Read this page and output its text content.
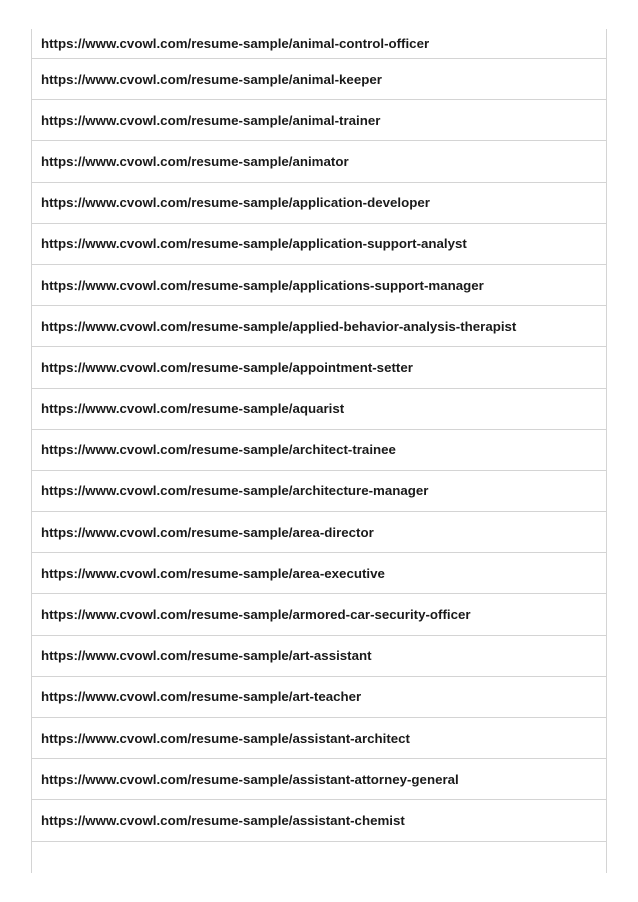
https://www.cvowl.com/resume-sample/animal-control-officer
https://www.cvowl.com/resume-sample/animal-keeper
https://www.cvowl.com/resume-sample/animal-trainer
https://www.cvowl.com/resume-sample/animator
https://www.cvowl.com/resume-sample/application-developer
https://www.cvowl.com/resume-sample/application-support-analyst
https://www.cvowl.com/resume-sample/applications-support-manager
https://www.cvowl.com/resume-sample/applied-behavior-analysis-therapist
https://www.cvowl.com/resume-sample/appointment-setter
https://www.cvowl.com/resume-sample/aquarist
https://www.cvowl.com/resume-sample/architect-trainee
https://www.cvowl.com/resume-sample/architecture-manager
https://www.cvowl.com/resume-sample/area-director
https://www.cvowl.com/resume-sample/area-executive
https://www.cvowl.com/resume-sample/armored-car-security-officer
https://www.cvowl.com/resume-sample/art-assistant
https://www.cvowl.com/resume-sample/art-teacher
https://www.cvowl.com/resume-sample/assistant-architect
https://www.cvowl.com/resume-sample/assistant-attorney-general
https://www.cvowl.com/resume-sample/assistant-chemist
